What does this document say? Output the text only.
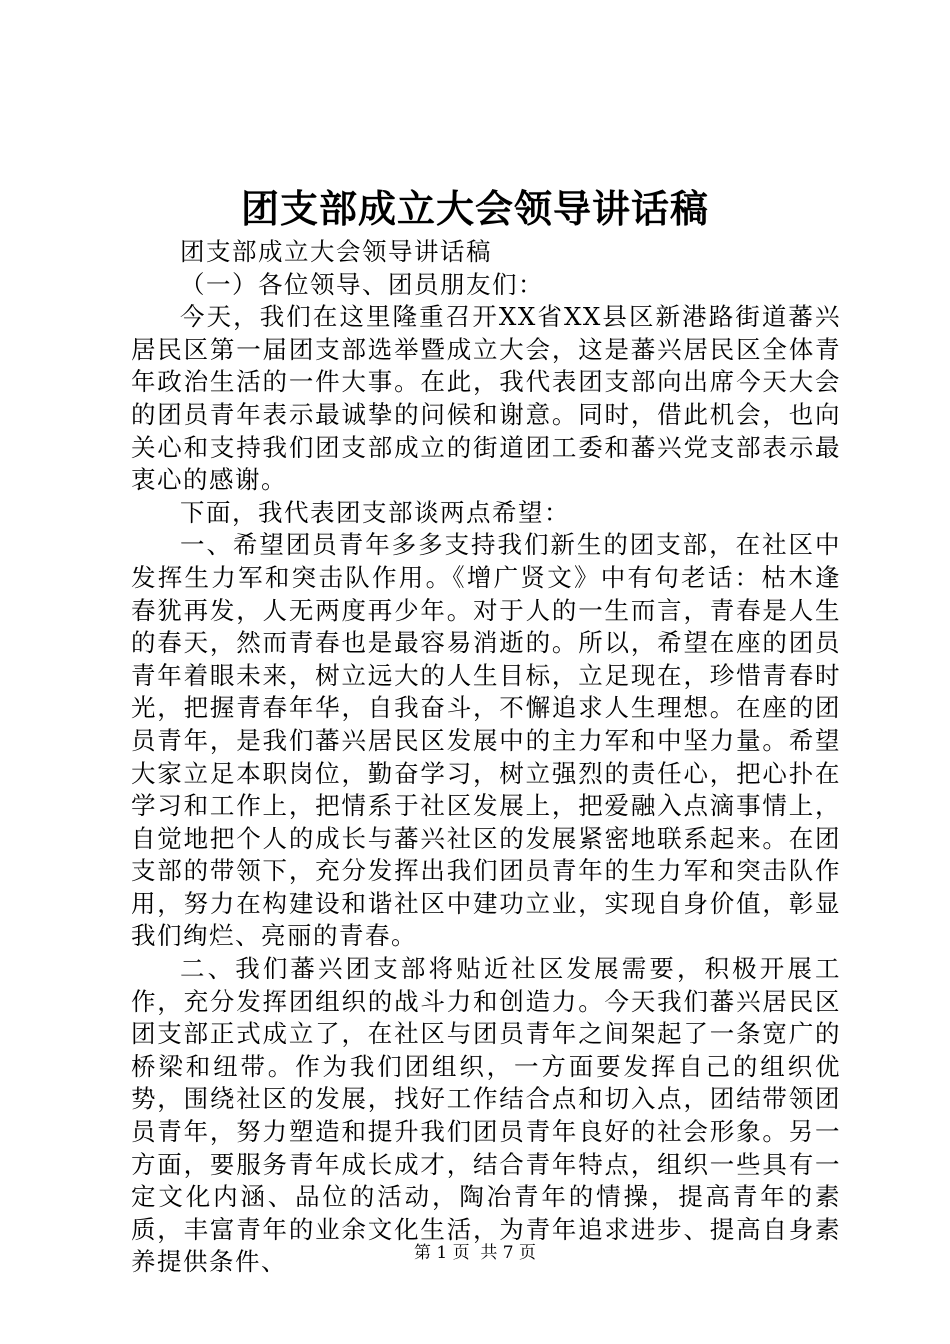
团支部成立大会领导讲话稿

团支部成立大会领导讲话稿

（一）各位领导、团员朋友们：

今天，我们在这里隆重召开XX省XX县区新港路街道蕃兴居民区第一届团支部选举暨成立大会，这是蕃兴居民区全体青年政治生活的一件大事。在此，我代表团支部向出席今天大会的团员青年表示最诚挚的问候和谢意。同时，借此机会，也向关心和支持我们团支部成立的街道团工委和蕃兴党支部表示最衷心的感谢。

下面，我代表团支部谈两点希望：

一、希望团员青年多多支持我们新生的团支部，在社区中发挥生力军和突击队作用。《增广贤文》中有句老话：枯木逢春犹再发，人无两度再少年。对于人的一生而言，青春是人生的春天，然而青春也是最容易消逝的。所以，希望在座的团员青年着眼未来，树立远大的人生目标，立足现在，珍惜青春时光，把握青春年华，自我奋斗，不懈追求人生理想。在座的团员青年，是我们蕃兴居民区发展中的主力军和中坚力量。希望大家立足本职岗位，勤奋学习，树立强烈的责任心，把心扑在学习和工作上，把情系于社区发展上，把爱融入点滴事情上，自觉地把个人的成长与蕃兴社区的发展紧密地联系起来。在团支部的带领下，充分发挥出我们团员青年的生力军和突击队作用，努力在构建设和谐社区中建功立业，实现自身价值，彰显我们绚烂、亮丽的青春。

二、我们蕃兴团支部将贴近社区发展需要，积极开展工作，充分发挥团组织的战斗力和创造力。今天我们蕃兴居民区团支部正式成立了，在社区与团员青年之间架起了一条宽广的桥梁和纽带。作为我们团组织，一方面要发挥自己的组织优势，围绕社区的发展，找好工作结合点和切入点，团结带领团员青年，努力塑造和提升我们团员青年良好的社会形象。另一方面，要服务青年成长成才，结合青年特点，组织一些具有一定文化内涵、品位的活动，陶冶青年的情操，提高青年的素质，丰富青年的业余文化生活，为青年追求进步、提高自身素养提供条件、	第 1 页  共 7 页
